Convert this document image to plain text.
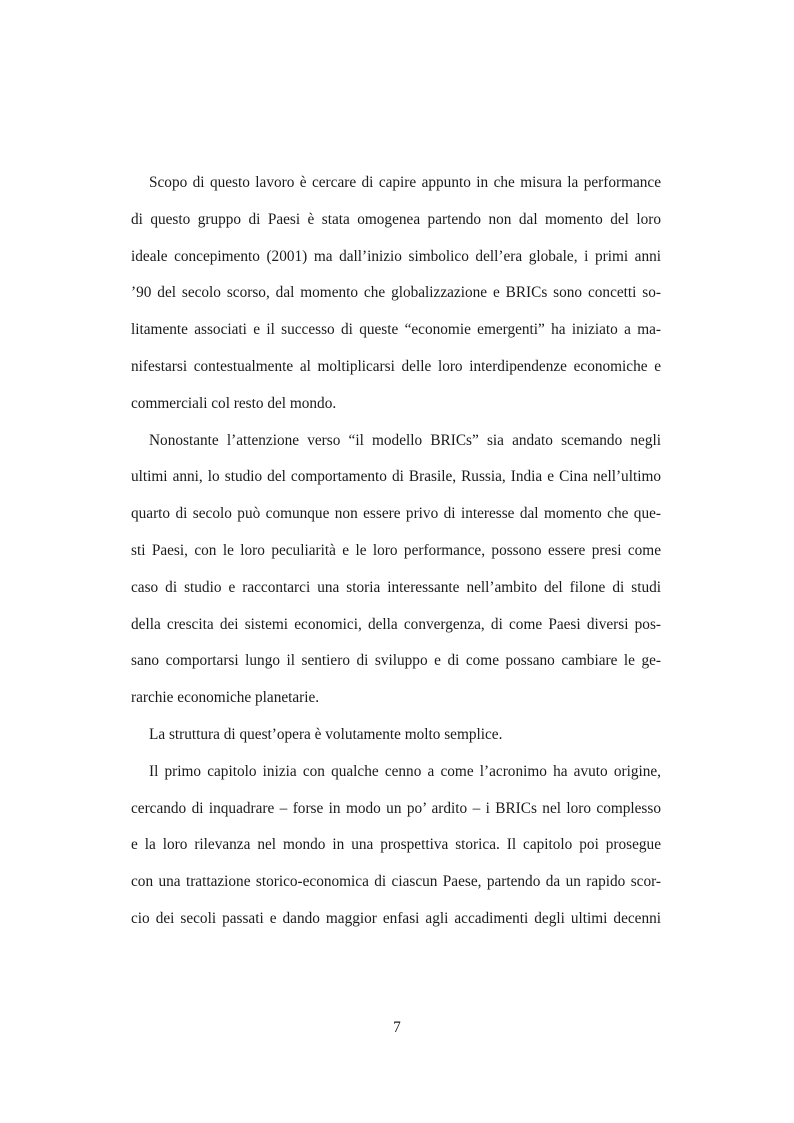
Scopo di questo lavoro è cercare di capire appunto in che misura la performance
di questo gruppo di Paesi è stata omogenea partendo non dal momento del loro
ideale concepimento (2001) ma dall’inizio simbolico dell’era globale, i primi anni
’90 del secolo scorso, dal momento che globalizzazione e BRICs sono concetti so-
litamente associati e il successo di queste “economie emergenti” ha iniziato a ma-
nifestarsi contestualmente al moltiplicarsi delle loro interdipendenze economiche e
commerciali col resto del mondo.
Nonostante l’attenzione verso “il modello BRICs” sia andato scemando negli
ultimi anni, lo studio del comportamento di Brasile, Russia, India e Cina nell’ultimo
quarto di secolo può comunque non essere privo di interesse dal momento che que-
sti Paesi, con le loro peculiarità e le loro performance, possono essere presi come
caso di studio e raccontarci una storia interessante nell’ambito del filone di studi
della crescita dei sistemi economici, della convergenza, di come Paesi diversi pos-
sano comportarsi lungo il sentiero di sviluppo e di come possano cambiare le ge-
rarchie economiche planetarie.
La struttura di quest’opera è volutamente molto semplice.
Il primo capitolo inizia con qualche cenno a come l’acronimo ha avuto origine,
cercando di inquadrare – forse in modo un po’ ardito – i BRICs nel loro complesso
e la loro rilevanza nel mondo in una prospettiva storica. Il capitolo poi prosegue
con una trattazione storico-economica di ciascun Paese, partendo da un rapido scor-
cio dei secoli passati e dando maggior enfasi agli accadimenti degli ultimi decenni
7
